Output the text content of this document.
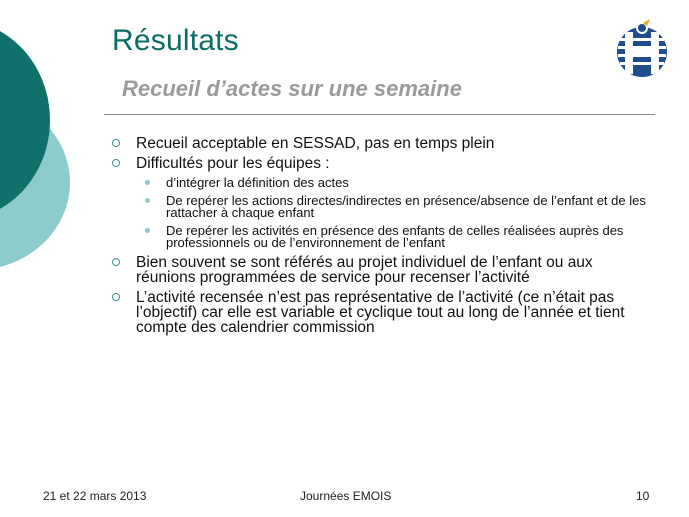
Résultats
Recueil d’actes sur une semaine
Recueil acceptable en SESSAD, pas en temps plein
Difficultés pour les équipes :
d’intégrer la définition des actes
De repérer les actions directes/indirectes en présence/absence de l’enfant et de les rattacher à chaque enfant
De repérer les activités en présence des enfants de celles réalisées auprès des professionnels ou de l’environnement de l’enfant
Bien souvent se sont référés au projet individuel de l’enfant ou aux réunions programmées de service pour recenser l’activité
L’activité recensée n’est pas représentative de l’activité (ce n’était pas l’objectif) car elle est variable et cyclique tout au long de l’année et tient compte des calendrier commission
21 et 22 mars 2013	Journées EMOIS	10
